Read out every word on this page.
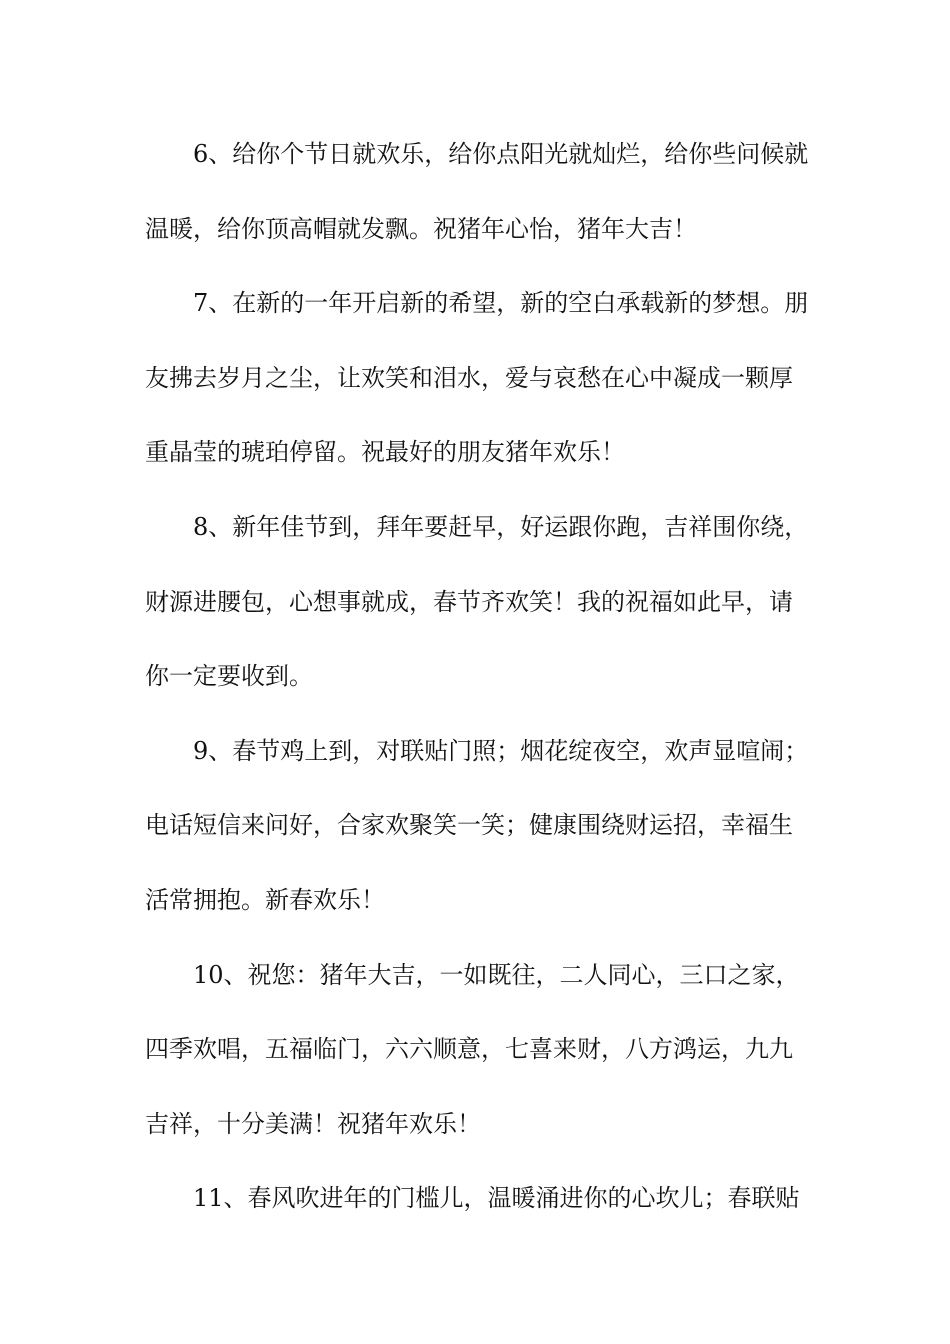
6、给你个节日就欢乐，给你点阳光就灿烂，给你些问候就
温暖，给你顶高帽就发飘。祝猪年心怡，猪年大吉！
7、在新的一年开启新的希望，新的空白承载新的梦想。朋
友拂去岁月之尘，让欢笑和泪水，爱与哀愁在心中凝成一颗厚
重晶莹的琥珀停留。祝最好的朋友猪年欢乐！
8、新年佳节到，拜年要赶早，好运跟你跑，吉祥围你绕，
财源进腰包，心想事就成，春节齐欢笑！我的祝福如此早，请
你一定要收到。
9、春节鸡上到，对联贴门照；烟花绽夜空，欢声显喧闹；
电话短信来问好，合家欢聚笑一笑；健康围绕财运招，幸福生
活常拥抱。新春欢乐！
10、祝您：猪年大吉，一如既往，二人同心，三口之家，
四季欢唱，五福临门，六六顺意，七喜来财，八方鸿运，九九
吉祥，十分美满！祝猪年欢乐！
11、春风吹进年的门槛儿，温暖涌进你的心坎儿；春联贴
